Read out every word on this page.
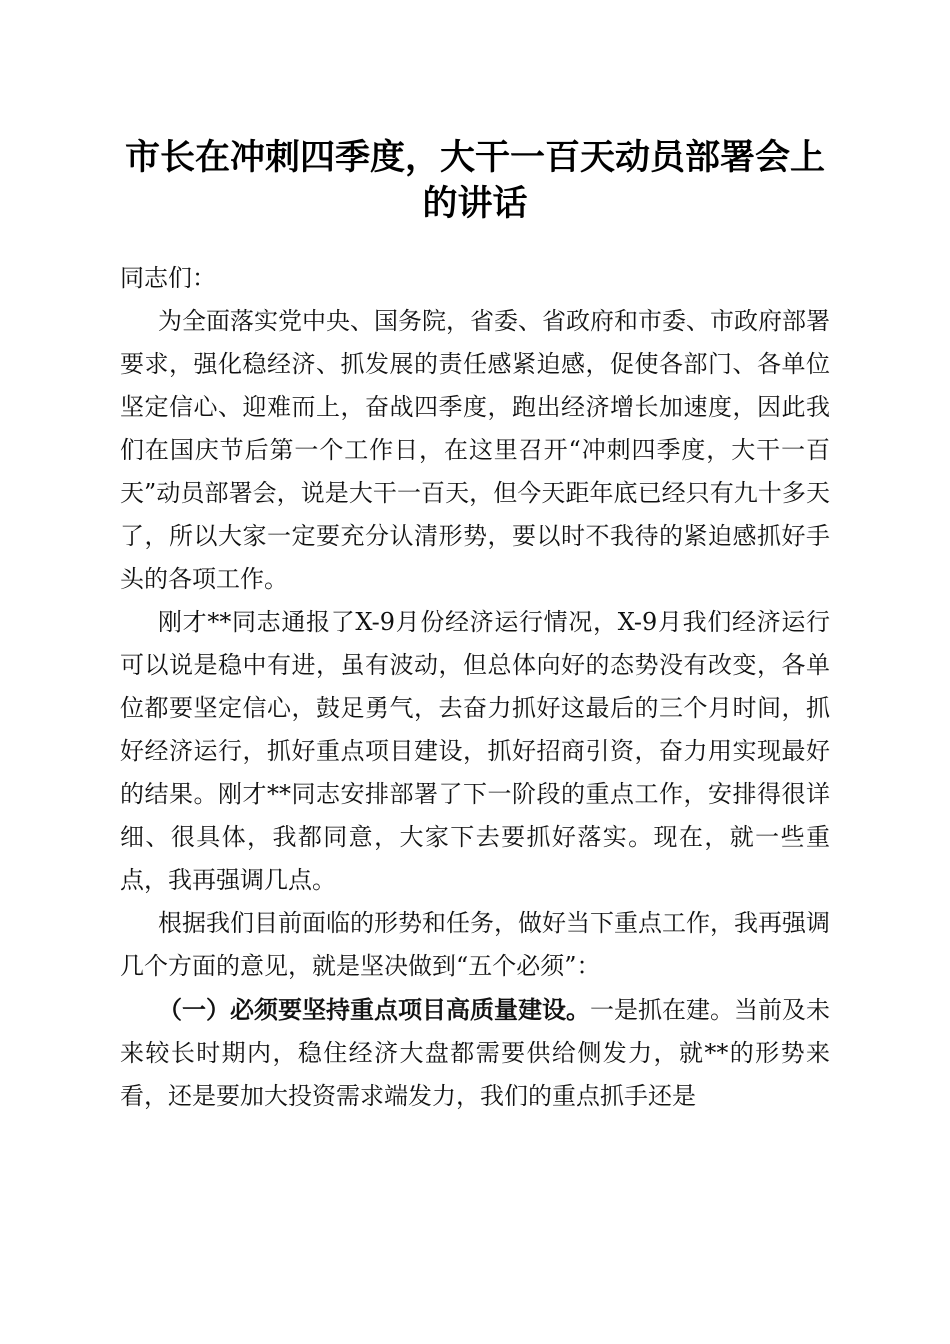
市长在冲刺四季度，大干一百天动员部署会上
的讲话

同志们：

为全面落实党中央、国务院，省委、省政府和市委、市政府部署要求，强化稳经济、抓发展的责任感紧迫感，促使各部门、各单位坚定信心、迎难而上，奋战四季度，跑出经济增长加速度，因此我们在国庆节后第一个工作日，在这里召开“冲刺四季度，大干一百天”动员部署会，说是大干一百天，但今天距年底已经只有九十多天了，所以大家一定要充分认清形势，要以时不我待的紧迫感抓好手头的各项工作。

刚才**同志通报了X-9月份经济运行情况，X-9月我们经济运行可以说是稳中有进，虽有波动，但总体向好的态势没有改变，各单位都要坚定信心，鼓足勇气，去奋力抓好这最后的三个月时间，抓好经济运行，抓好重点项目建设，抓好招商引资，奋力用实现最好的结果。刚才**同志安排部署了下一阶段的重点工作，安排得很详细、很具体，我都同意，大家下去要抓好落实。现在，就一些重点，我再强调几点。

根据我们目前面临的形势和任务，做好当下重点工作，我再强调几个方面的意见，就是坚决做到“五个必须”：

（一）必须要坚持重点项目高质量建设。一是抓在建。当前及未来较长时期内，稳住经济大盘都需要供给侧发力，就**的形势来看，还是要加大投资需求端发力，我们的重点抓手还是
